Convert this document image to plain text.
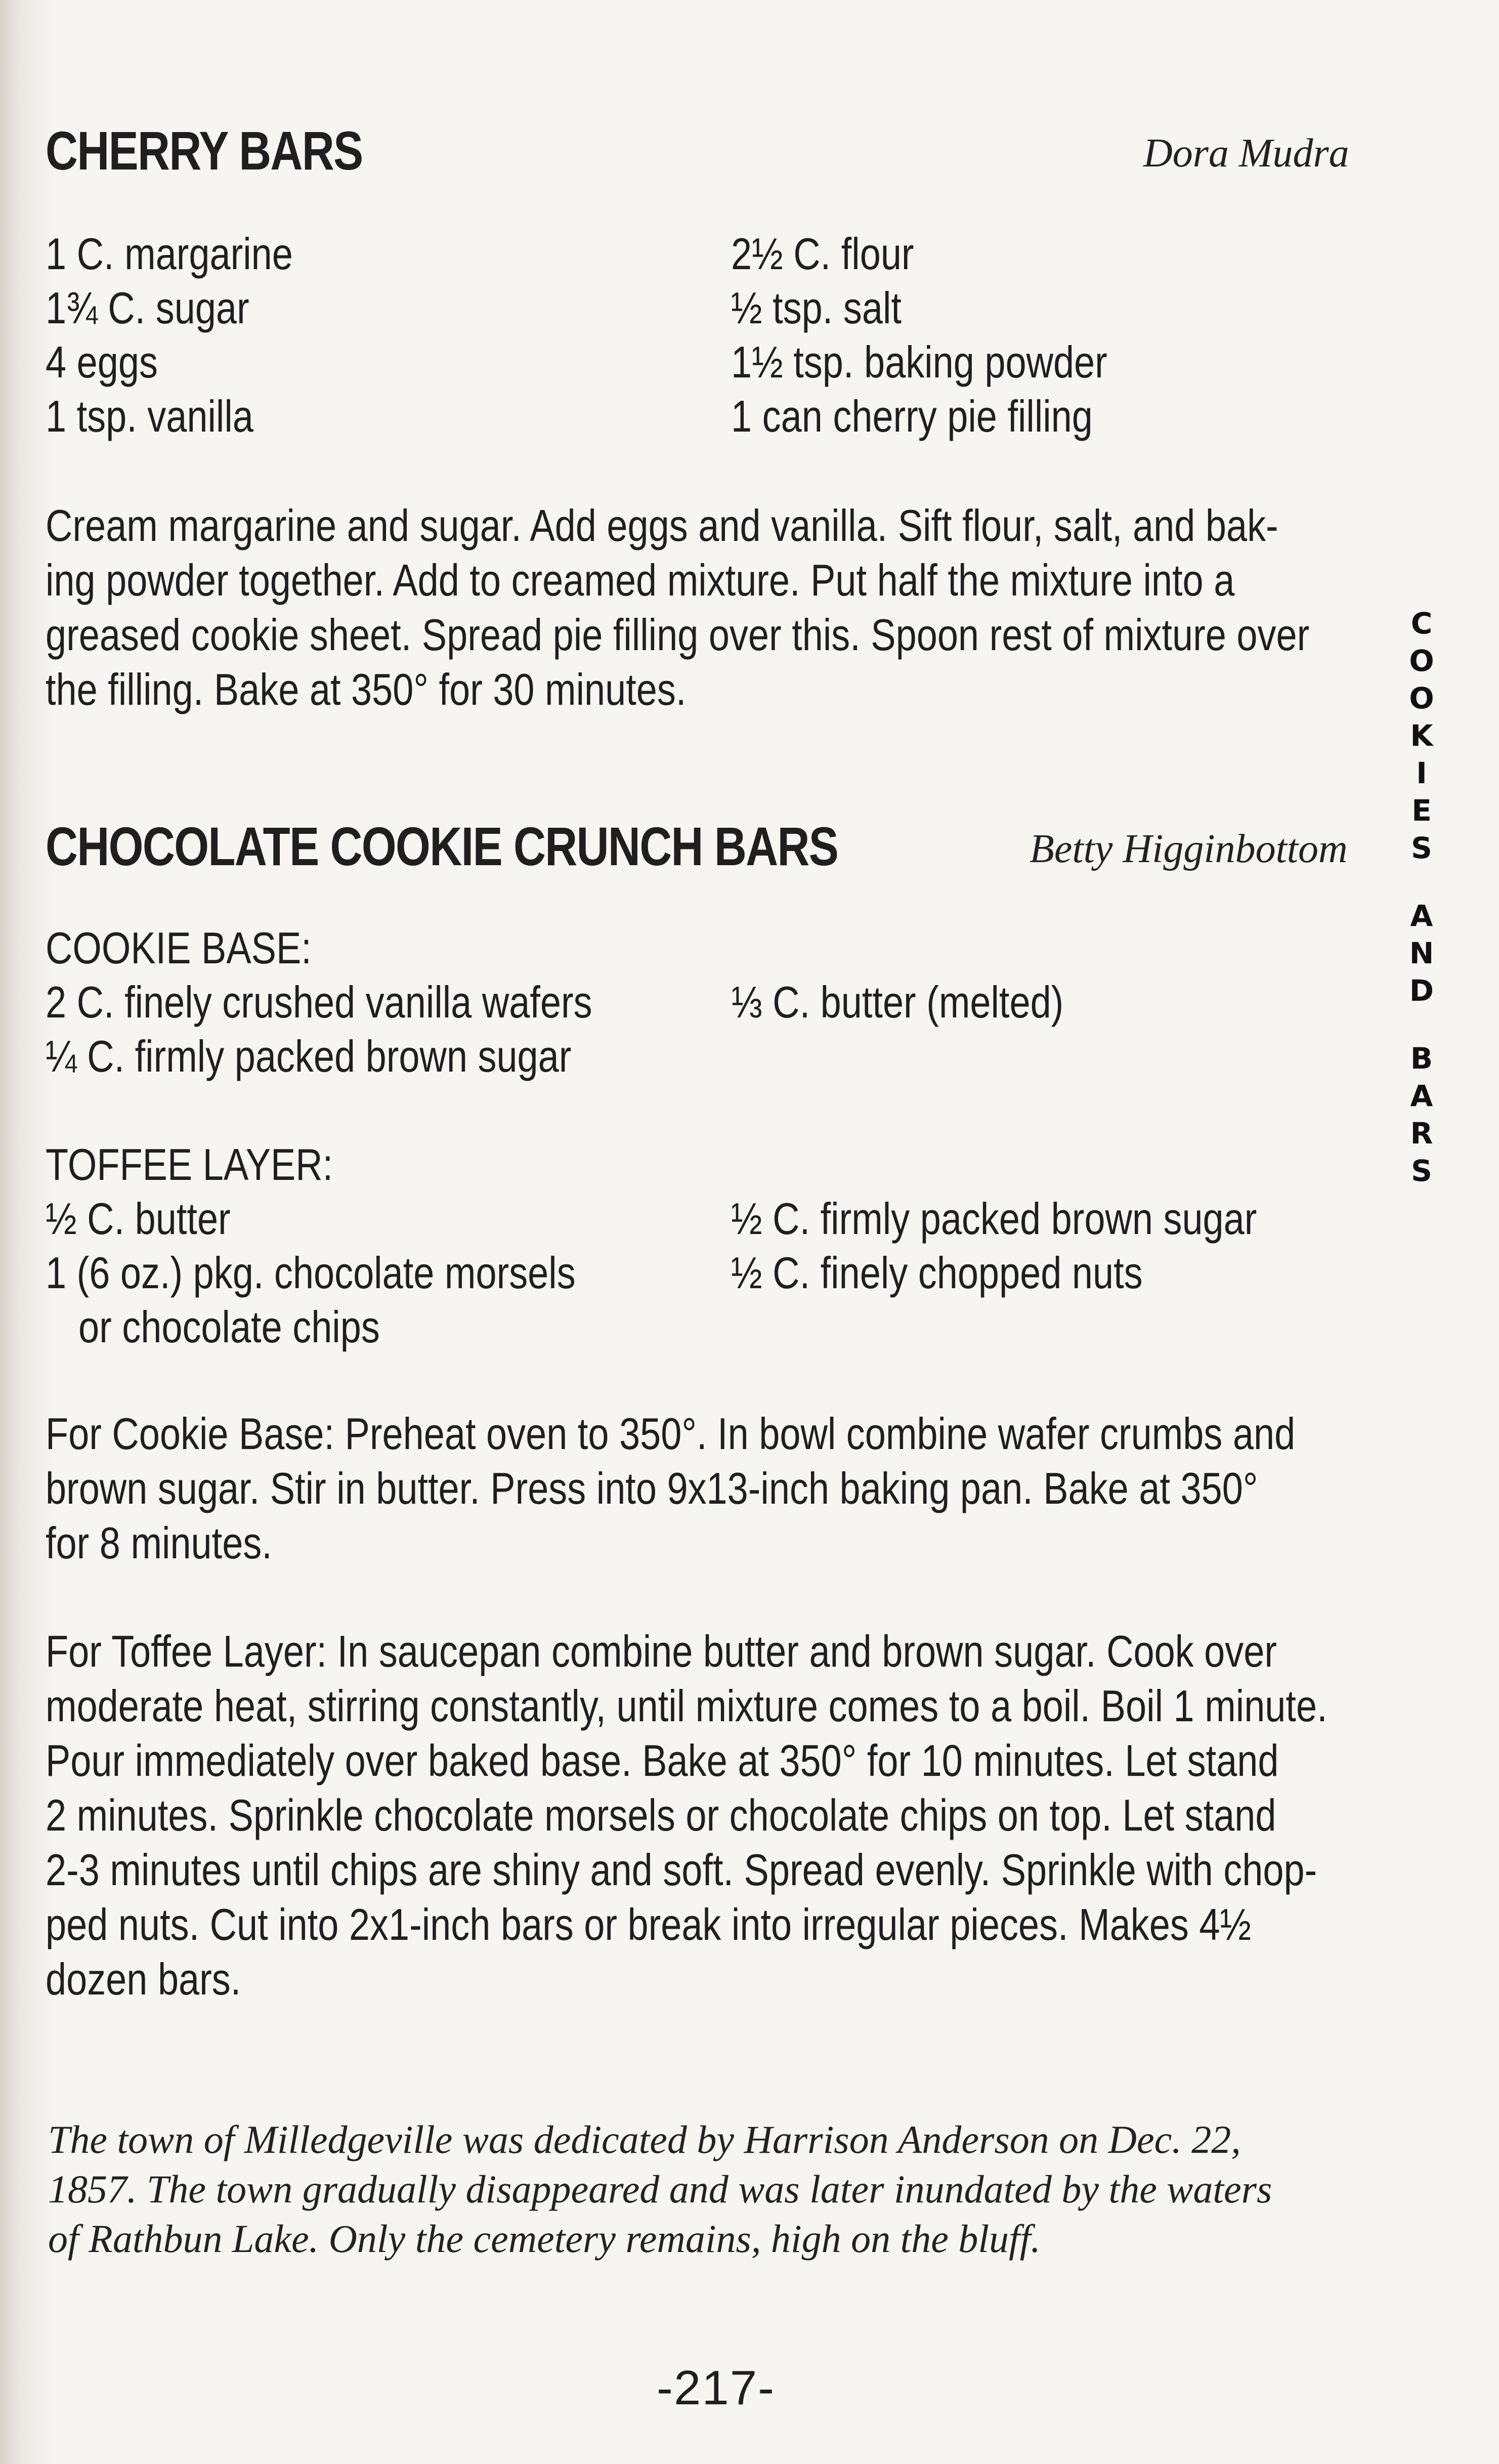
CHERRY BARS	Dora Mudra
1 C. margarine
1¾ C. sugar
4 eggs
1 tsp. vanilla
2½ C. flour
½ tsp. salt
1½ tsp. baking powder
1 can cherry pie filling
Cream margarine and sugar. Add eggs and vanilla. Sift flour, salt, and bak-
ing powder together. Add to creamed mixture. Put half the mixture into a
greased cookie sheet. Spread pie filling over this. Spoon rest of mixture over
the filling. Bake at 350° for 30 minutes.
CHOCOLATE COOKIE CRUNCH BARS	Betty Higginbottom
COOKIE BASE:
2 C. finely crushed vanilla wafers
¼ C. firmly packed brown sugar
⅓ C. butter (melted)
TOFFEE LAYER:
½ C. butter
1 (6 oz.) pkg. chocolate morsels
or chocolate chips
½ C. firmly packed brown sugar
½ C. finely chopped nuts
For Cookie Base: Preheat oven to 350°. In bowl combine wafer crumbs and
brown sugar. Stir in butter. Press into 9x13-inch baking pan. Bake at 350°
for 8 minutes.
For Toffee Layer: In saucepan combine butter and brown sugar. Cook over
moderate heat, stirring constantly, until mixture comes to a boil. Boil 1 minute.
Pour immediately over baked base. Bake at 350° for 10 minutes. Let stand
2 minutes. Sprinkle chocolate morsels or chocolate chips on top. Let stand
2-3 minutes until chips are shiny and soft. Spread evenly. Sprinkle with chop-
ped nuts. Cut into 2x1-inch bars or break into irregular pieces. Makes 4½
dozen bars.
C
O
O
K
I
E
S
A
N
D
B
A
R
S
The town of Milledgeville was dedicated by Harrison Anderson on Dec. 22,
1857. The town gradually disappeared and was later inundated by the waters
of Rathbun Lake. Only the cemetery remains, high on the bluff.
-217-
